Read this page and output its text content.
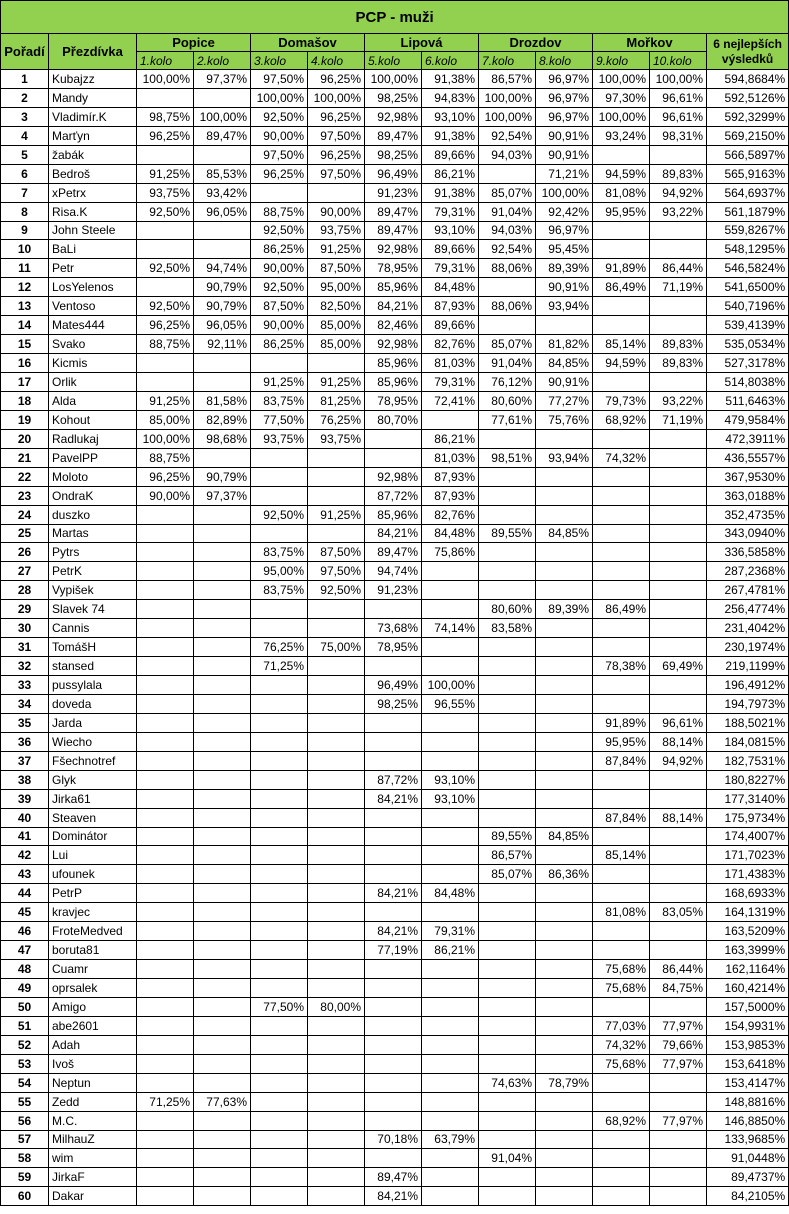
PCP - muži												
Pořadí	Přezdívka	Popice		Domašov		Lipová		Drozdov		Mořkov		6 nejlepších výsledků
		1.kolo	2.kolo	3.kolo	4.kolo	5.kolo	6.kolo	7.kolo	8.kolo	9.kolo	10.kolo	
1	Kubajzz	100,00%	97,37%	97,50%	96,25%	100,00%	91,38%	86,57%	96,97%	100,00%	100,00%	594,8684%
2	Mandy			100,00%	100,00%	98,25%	94,83%	100,00%	96,97%	97,30%	96,61%	592,5126%
3	Vladimír.K	98,75%	100,00%	92,50%	96,25%	92,98%	93,10%	100,00%	96,97%	100,00%	96,61%	592,3299%
4	Marťyn	96,25%	89,47%	90,00%	97,50%	89,47%	91,38%	92,54%	90,91%	93,24%	98,31%	569,2150%
5	žabák			97,50%	96,25%	98,25%	89,66%	94,03%	90,91%			566,5897%
6	Bedroš	91,25%	85,53%	96,25%	97,50%	96,49%	86,21%		71,21%	94,59%	89,83%	565,9163%
7	xPetrx	93,75%	93,42%			91,23%	91,38%	85,07%	100,00%	81,08%	94,92%	564,6937%
8	Risa.K	92,50%	96,05%	88,75%	90,00%	89,47%	79,31%	91,04%	92,42%	95,95%	93,22%	561,1879%
9	John Steele			92,50%	93,75%	89,47%	93,10%	94,03%	96,97%			559,8267%
10	BaLi			86,25%	91,25%	92,98%	89,66%	92,54%	95,45%			548,1295%
11	Petr	92,50%	94,74%	90,00%	87,50%	78,95%	79,31%	88,06%	89,39%	91,89%	86,44%	546,5824%
12	LosYelenos		90,79%	92,50%	95,00%	85,96%	84,48%		90,91%	86,49%	71,19%	541,6500%
13	Ventoso	92,50%	90,79%	87,50%	82,50%	84,21%	87,93%	88,06%	93,94%			540,7196%
14	Mates444	96,25%	96,05%	90,00%	85,00%	82,46%	89,66%					539,4139%
15	Svako	88,75%	92,11%	86,25%	85,00%	92,98%	82,76%	85,07%	81,82%	85,14%	89,83%	535,0534%
16	Kicmis					85,96%	81,03%	91,04%	84,85%	94,59%	89,83%	527,3178%
17	Orlik			91,25%	91,25%	85,96%	79,31%	76,12%	90,91%			514,8038%
18	Alda	91,25%	81,58%	83,75%	81,25%	78,95%	72,41%	80,60%	77,27%	79,73%	93,22%	511,6463%
19	Kohout	85,00%	82,89%	77,50%	76,25%	80,70%		77,61%	75,76%	68,92%	71,19%	479,9584%
20	Radlukaj	100,00%	98,68%	93,75%	93,75%		86,21%					472,3911%
21	PavelPP	88,75%					81,03%	98,51%	93,94%	74,32%		436,5557%
22	Moloto	96,25%	90,79%			92,98%	87,93%					367,9530%
23	OndraK	90,00%	97,37%			87,72%	87,93%					363,0188%
24	duszko			92,50%	91,25%	85,96%	82,76%					352,4735%
25	Martas					84,21%	84,48%	89,55%	84,85%			343,0940%
26	Pytrs			83,75%	87,50%	89,47%	75,86%					336,5858%
27	PetrK			95,00%	97,50%	94,74%						287,2368%
28	Vypišek			83,75%	92,50%	91,23%						267,4781%
29	Slavek 74							80,60%	89,39%	86,49%		256,4774%
30	Cannis					73,68%	74,14%	83,58%				231,4042%
31	TomášH			76,25%	75,00%	78,95%						230,1974%
32	stansed			71,25%						78,38%	69,49%	219,1199%
33	pussylala					96,49%	100,00%					196,4912%
34	doveda					98,25%	96,55%					194,7973%
35	Jarda									91,89%	96,61%	188,5021%
36	Wiecho									95,95%	88,14%	184,0815%
37	Fšechnotref									87,84%	94,92%	182,7531%
38	Glyk					87,72%	93,10%					180,8227%
39	Jirka61					84,21%	93,10%					177,3140%
40	Steaven									87,84%	88,14%	175,9734%
41	Dominátor							89,55%	84,85%			174,4007%
42	Lui							86,57%		85,14%		171,7023%
43	ufounek							85,07%	86,36%			171,4383%
44	PetrP					84,21%	84,48%					168,6933%
45	kravjec									81,08%	83,05%	164,1319%
46	FroteMedved					84,21%	79,31%					163,5209%
47	boruta81					77,19%	86,21%					163,3999%
48	Cuamr									75,68%	86,44%	162,1164%
49	oprsalek									75,68%	84,75%	160,4214%
50	Amigo			77,50%	80,00%							157,5000%
51	abe2601									77,03%	77,97%	154,9931%
52	Adah									74,32%	79,66%	153,9853%
53	Ivoš									75,68%	77,97%	153,6418%
54	Neptun							74,63%	78,79%			153,4147%
55	Zedd	71,25%	77,63%									148,8816%
56	M.C.									68,92%	77,97%	146,8850%
57	MilhauZ					70,18%	63,79%					133,9685%
58	wim							91,04%				91,0448%
59	JirkaF					89,47%						89,4737%
60	Dakar					84,21%						84,2105%
